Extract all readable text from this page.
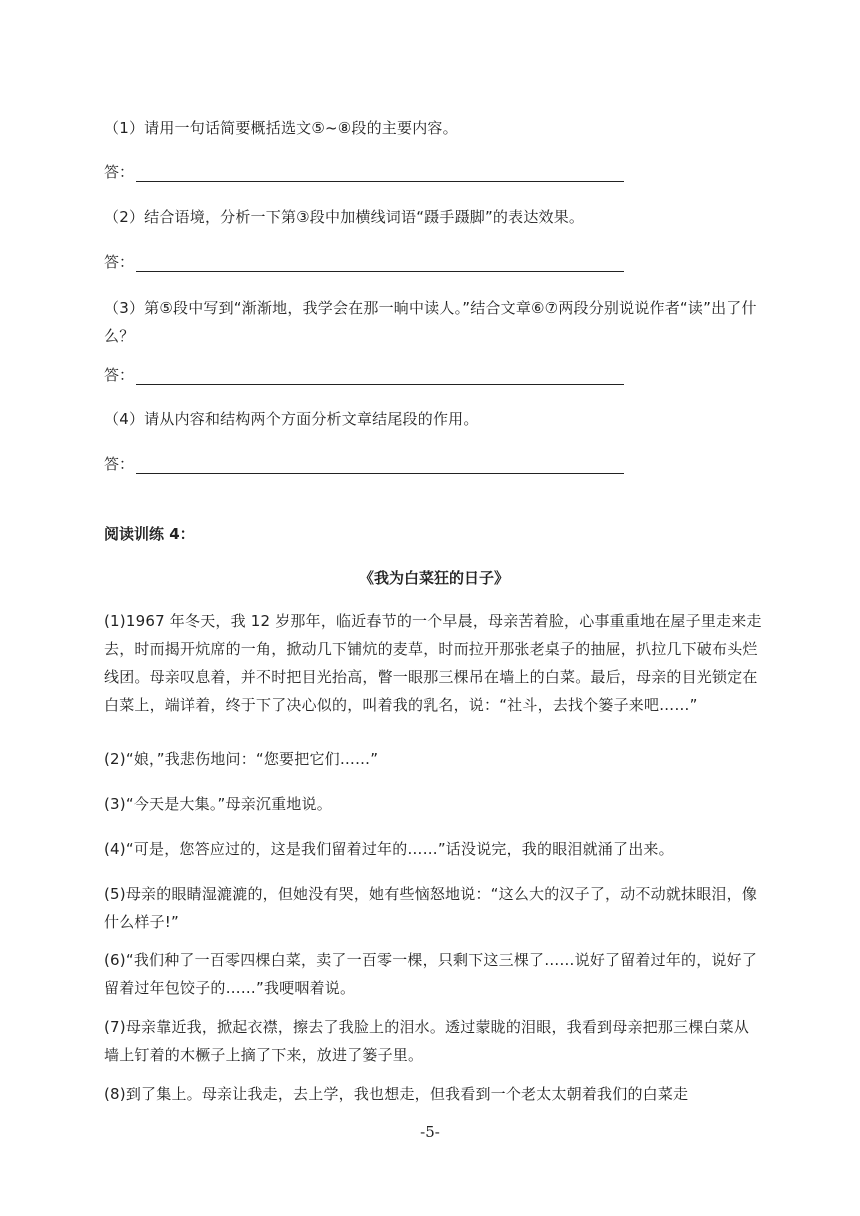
（1）请用一句话简要概括选文⑤~⑧段的主要内容。
答：
（2）结合语境，分析一下第③段中加横线词语“蹑手蹑脚”的表达效果。
答：
（3）第⑤段中写到“渐渐地，我学会在那一晌中读人。”结合文章⑥⑦两段分别说说作者“读”出了什么？
答：
（4）请从内容和结构两个方面分析文章结尾段的作用。
答：
阅读训练 4：
《我为白菜狂的日子》
(1)1967 年冬天，我 12 岁那年，临近春节的一个早晨，母亲苦着脸，心事重重地在屋子里走来走去，时而揭开炕席的一角，掀动几下铺炕的麦草，时而拉开那张老桌子的抽屉，扒拉几下破布头烂线团。母亲叹息着，并不时把目光抬高，瞥一眼那三棵吊在墙上的白菜。最后，母亲的目光锁定在白菜上，端详着，终于下了决心似的，叫着我的乳名，说：“社斗，去找个篓子来吧……”
(2)“娘，”我悲伤地问：“您要把它们……”
(3)“今天是大集。”母亲沉重地说。
(4)“可是，您答应过的，这是我们留着过年的……”话没说完，我的眼泪就涌了出来。
(5)母亲的眼睛湿漉漉的，但她没有哭，她有些恼怒地说：“这么大的汉子了，动不动就抹眼泪，像什么样子!”
(6)“我们种了一百零四棵白菜，卖了一百零一棵，只剩下这三棵了……说好了留着过年的，说好了留着过年包饺子的……”我哽咽着说。
(7)母亲靠近我，掀起衣襟，擦去了我脸上的泪水。透过蒙眬的泪眼，我看到母亲把那三棵白菜从墙上钉着的木橛子上摘了下来，放进了篓子里。
(8)到了集上。母亲让我走，去上学，我也想走，但我看到一个老太太朝着我们的白菜走
-5-
